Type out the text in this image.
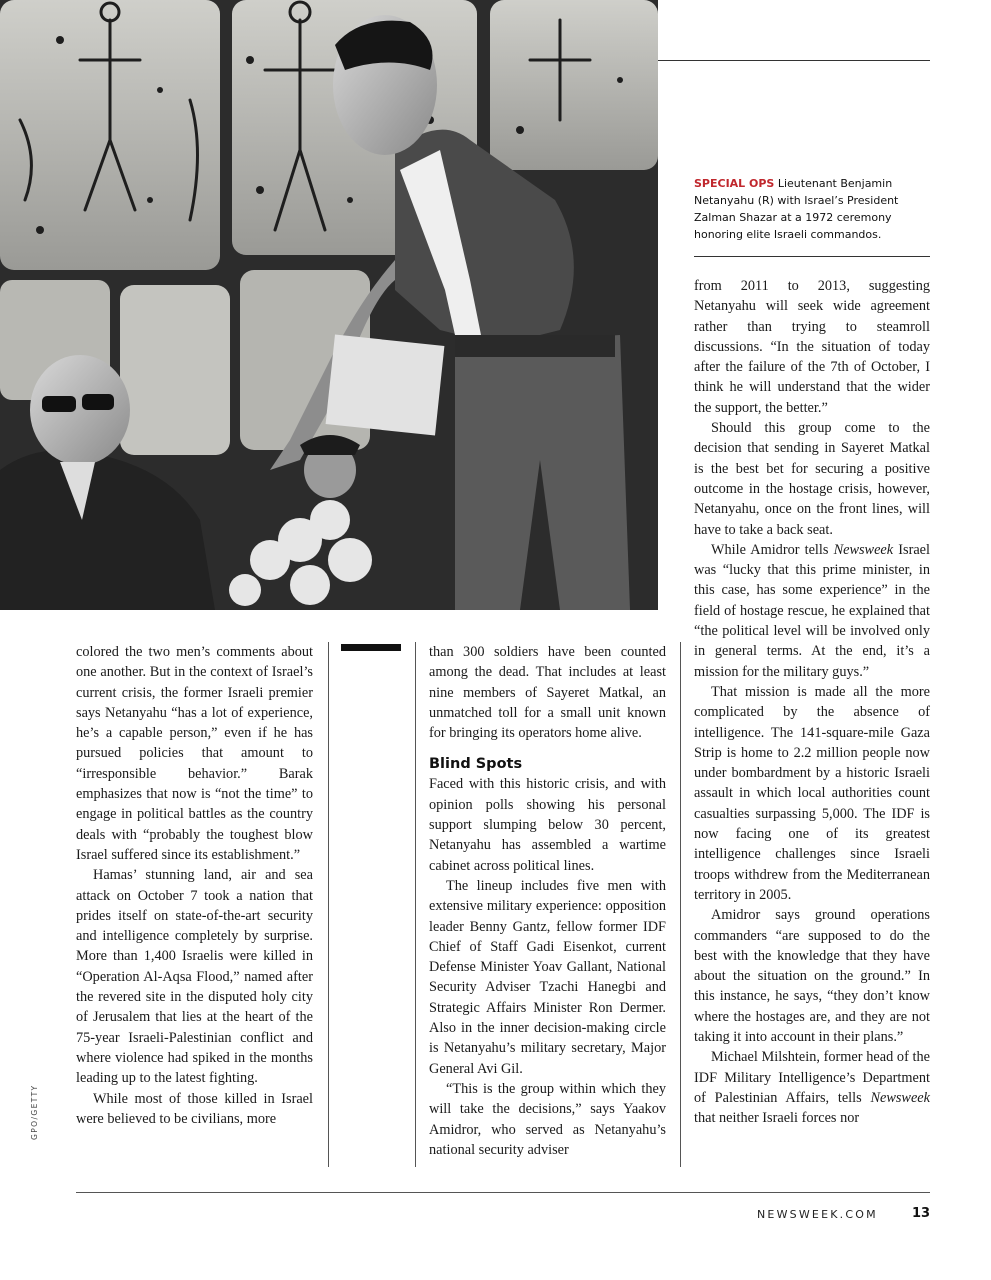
SPECIAL OPS Lieutenant Benjamin Netanyahu (R) with Israel’s President Zalman Shazar at a 1972 ceremony honoring elite Israeli commandos.

colored the two men’s comments about one another. But in the context of Israel’s current crisis, the former Israeli premier says Netanyahu “has a lot of experience, he’s a capable person,” even if he has pursued policies that amount to “irresponsible behavior.” Barak emphasizes that now is “not the time” to engage in political battles as the country deals with “probably the toughest blow Israel suffered since its establishment.”

Hamas’ stunning land, air and sea attack on October 7 took a nation that prides itself on state-of-the-art security and intelligence completely by surprise. More than 1,400 Israelis were killed in “Operation Al-Aqsa Flood,” named after the revered site in the disputed holy city of Jerusalem that lies at the heart of the 75-year Israeli-Palestinian conflict and where violence had spiked in the months leading up to the latest fighting.

While most of those killed in Israel were believed to be civilians, more

than 300 soldiers have been counted among the dead. That includes at least nine members of Sayeret Matkal, an unmatched toll for a small unit known for bringing its operators home alive.

Blind Spots

Faced with this historic crisis, and with opinion polls showing his personal support slumping below 30 percent, Netanyahu has assembled a wartime cabinet across political lines.

The lineup includes five men with extensive military experience: opposition leader Benny Gantz, fellow former IDF Chief of Staff Gadi Eisenkot, current Defense Minister Yoav Gallant, National Security Adviser Tzachi Hanegbi and Strategic Affairs Minister Ron Dermer. Also in the inner decision-making circle is Netanyahu’s military secretary, Major General Avi Gil.

“This is the group within which they will take the decisions,” says Yaakov Amidror, who served as Netanyahu’s national security adviser

from 2011 to 2013, suggesting Netanyahu will seek wide agreement rather than trying to steamroll discussions. “In the situation of today after the failure of the 7th of October, I think he will understand that the wider the support, the better.”

Should this group come to the decision that sending in Sayeret Matkal is the best bet for securing a positive outcome in the hostage crisis, however, Netanyahu, once on the front lines, will have to take a back seat.

While Amidror tells Newsweek Israel was “lucky that this prime minister, in this case, has some experience” in the field of hostage rescue, he explained that “the political level will be involved only in general terms. At the end, it’s a mission for the military guys.”

That mission is made all the more complicated by the absence of intelligence. The 141-square-mile Gaza Strip is home to 2.2 million people now under bombardment by a historic Israeli assault in which local authorities count casualties surpassing 5,000. The IDF is now facing one of its greatest intelligence challenges since Israeli troops withdrew from the Mediterranean territory in 2005.

Amidror says ground operations commanders “are supposed to do the best with the knowledge that they have about the situation on the ground.” In this instance, he says, “they don’t know where the hostages are, and they are not taking it into account in their plans.”

Michael Milshtein, former head of the IDF Military Intelligence’s Department of Palestinian Affairs, tells Newsweek that neither Israeli forces nor

GPO/GETTY
NEWSWEEK.COM	13
